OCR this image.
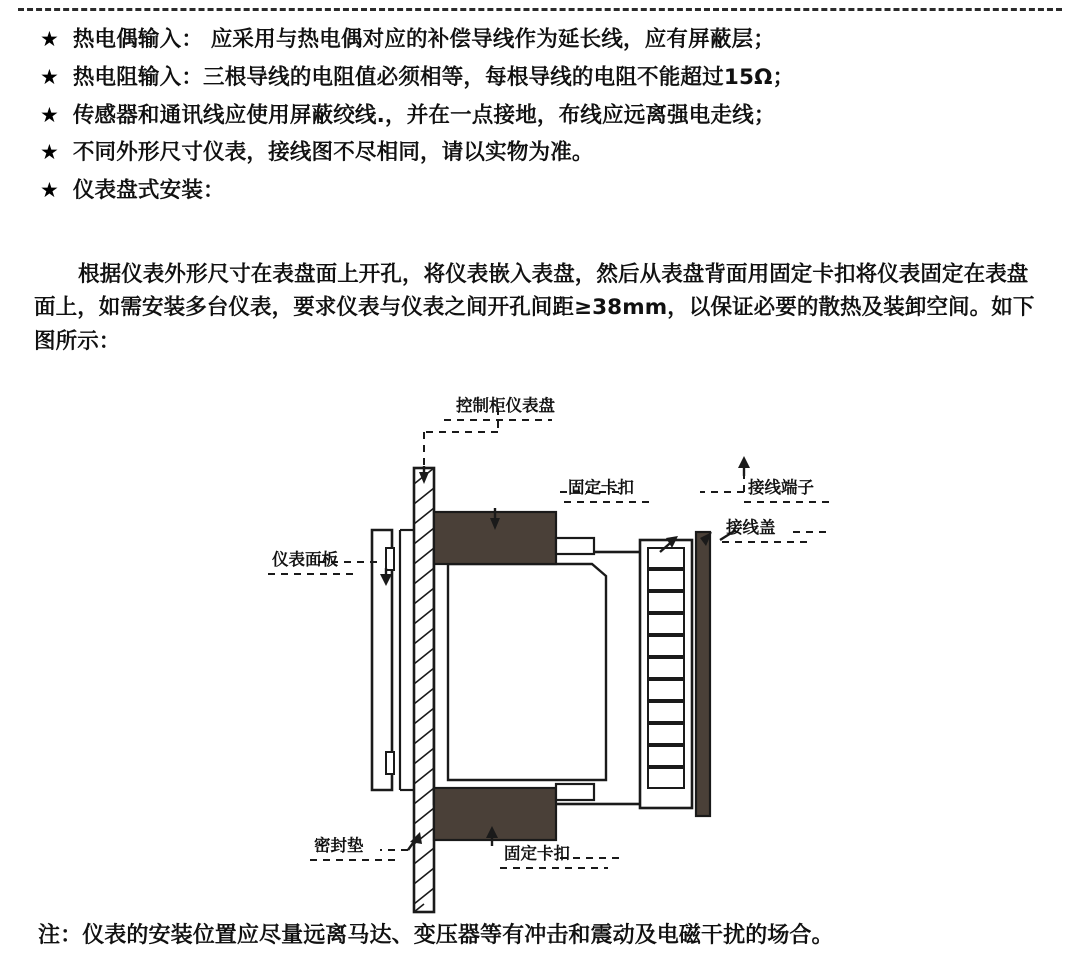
★ 热电偶输入： 应采用与热电偶对应的补偿导线作为延长线，应有屏蔽层；
★ 热电阻输入：三根导线的电阻值必须相等，每根导线的电阻不能超过15Ω；
★ 传感器和通讯线应使用屏蔽绞线.，并在一点接地，布线应远离强电走线；
★ 不同外形尺寸仪表，接线图不尽相同，请以实物为准。
★ 仪表盘式安装：
根据仪表外形尺寸在表盘面上开孔，将仪表嵌入表盘，然后从表盘背面用固定卡扣将仪表固定在表盘面上，如需安装多台仪表，要求仪表与仪表之间开孔间距≥38mm，以保证必要的散热及装卸空间。如下图所示：
控制柜仪表盘
固定卡扣	接线端子
仪表面板
接线盖
密封垫	固定卡扣
注：仪表的安装位置应尽量远离马达、变压器等有冲击和震动及电磁干扰的场合。
